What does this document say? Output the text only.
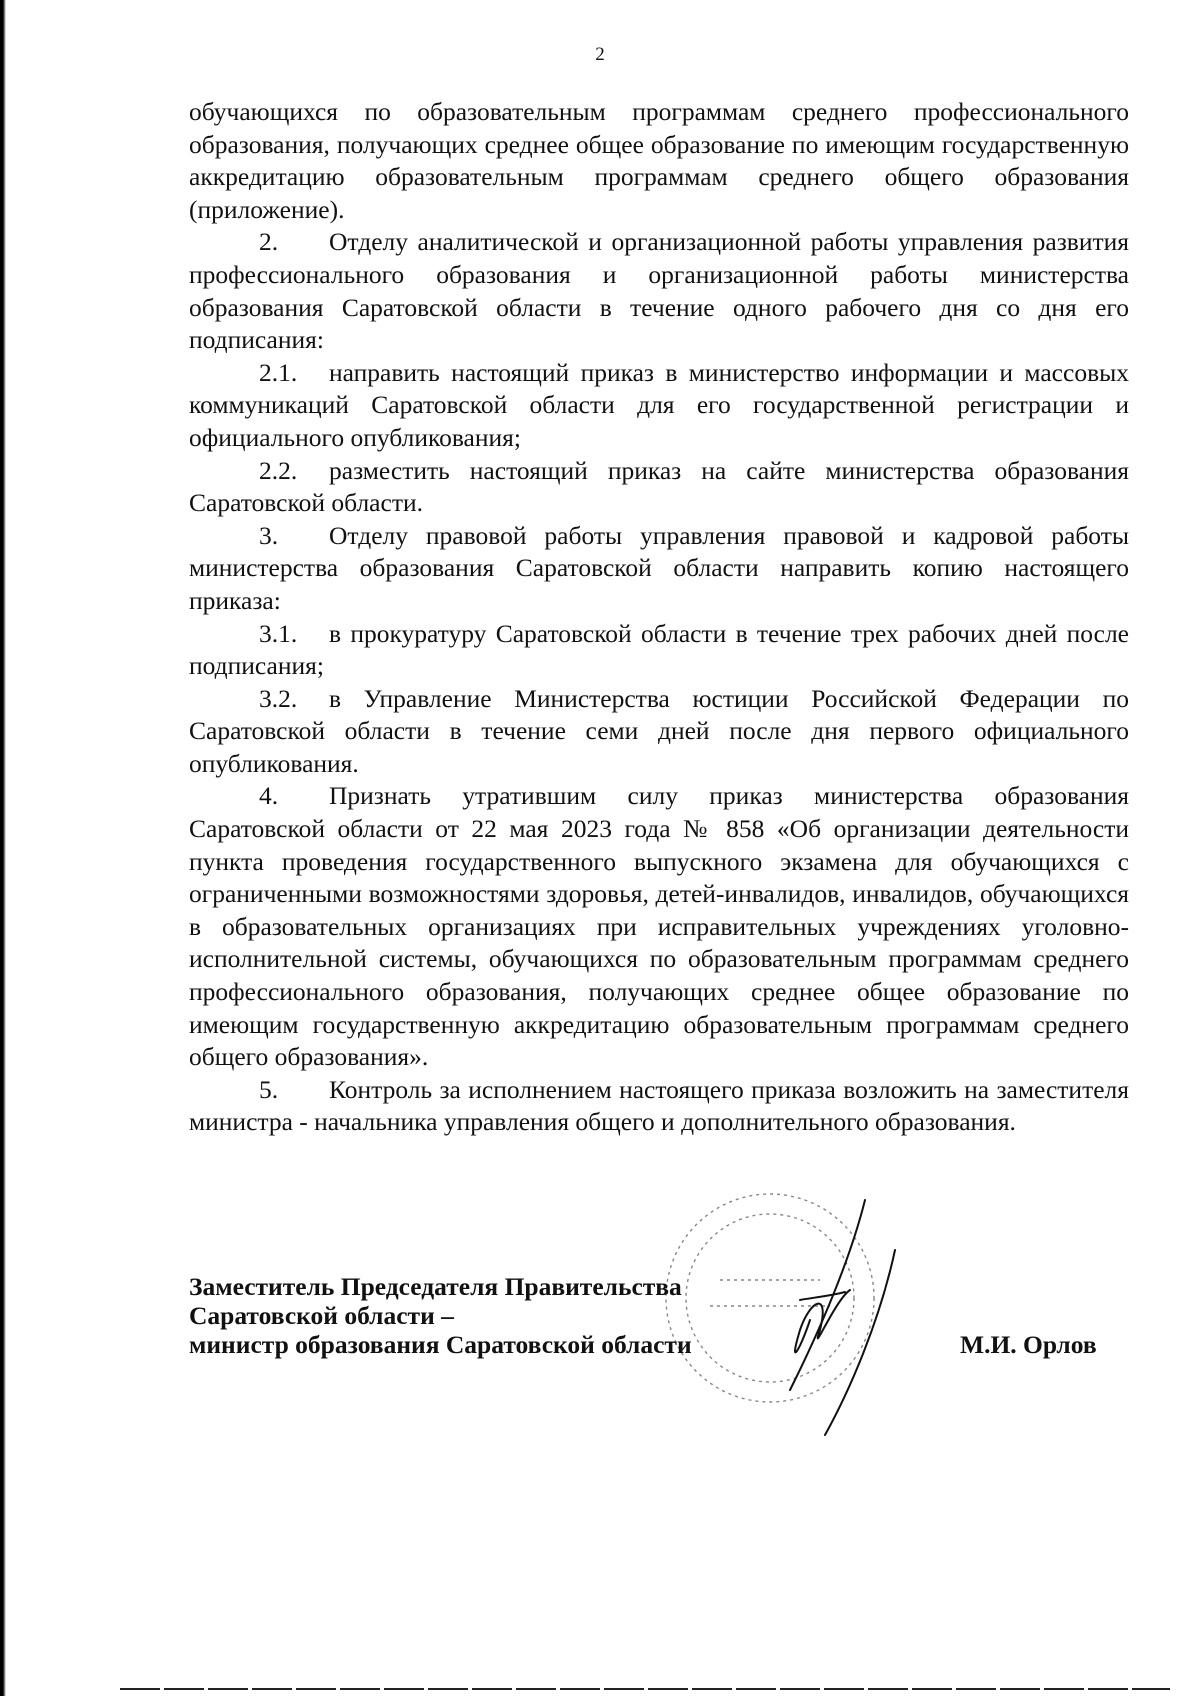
2

обучающихся по образовательным программам среднего профессионального образования, получающих среднее общее образование по имеющим государственную аккредитацию образовательным программам среднего общего образования (приложение).

2. Отделу аналитической и организационной работы управления развития профессионального образования и организационной работы министерства образования Саратовской области в течение одного рабочего дня со дня его подписания:

2.1. направить настоящий приказ в министерство информации и массовых коммуникаций Саратовской области для его государственной регистрации и официального опубликования;

2.2. разместить настоящий приказ на сайте министерства образования Саратовской области.

3. Отделу правовой работы управления правовой и кадровой работы министерства образования Саратовской области направить копию настоящего приказа:

3.1. в прокуратуру Саратовской области в течение трех рабочих дней после подписания;

3.2. в Управление Министерства юстиции Российской Федерации по Саратовской области в течение семи дней после дня первого официального опубликования.

4. Признать утратившим силу приказ министерства образования Саратовской области от 22 мая 2023 года № 858 «Об организации деятельности пункта проведения государственного выпускного экзамена для обучающихся с ограниченными возможностями здоровья, детей-инвалидов, инвалидов, обучающихся в образовательных организациях при исправительных учреждениях уголовно-исполнительной системы, обучающихся по образовательным программам среднего профессионального образования, получающих среднее общее образование по имеющим государственную аккредитацию образовательным программам среднего общего образования».

5. Контроль за исполнением настоящего приказа возложить на заместителя министра - начальника управления общего и дополнительного образования.

Заместитель Председателя Правительства
Саратовской области –
министр образования Саратовской области	М.И. Орлов
